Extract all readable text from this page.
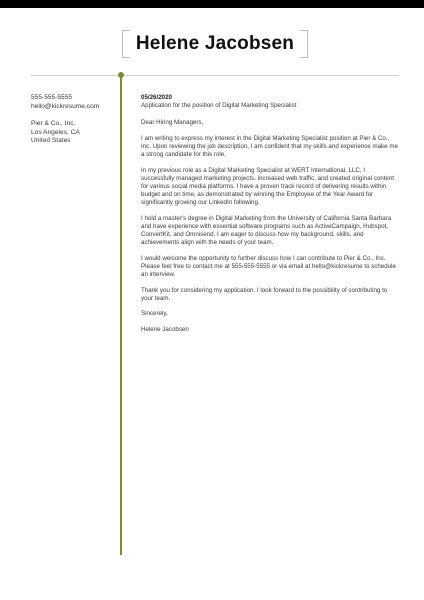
Helene Jacobsen
555-555-5555
hello@kickresume.com
Pier & Co., Inc.
Los Angeles, CA
United States
05/26/2020
Application for the position of Digital Marketing Specialist

Dear Hiring Managers,

I am writing to express my interest in the Digital Marketing Specialist position at Pier & Co., Inc. Upon reviewing the job description, I am confident that my skills and experience make me a strong candidate for this role.

In my previous role as a Digital Marketing Specialist at WERT International, LLC, I successfully managed marketing projects, increased web traffic, and created original content for various social media platforms. I have a proven track record of delivering results within budget and on time, as demonstrated by winning the Employee of the Year Award for significantly growing our LinkedIn following.

I hold a master's degree in Digital Marketing from the University of California Santa Barbara and have experience with essential software programs such as ActiveCampaign, Hubspot, ConvertKit, and Omnisend. I am eager to discuss how my background, skills, and achievements align with the needs of your team.

I would welcome the opportunity to further discuss how I can contribute to Pier & Co., Inc. Please feel free to contact me at 555-555-5555 or via email at hello@kickresume to schedule an interview.

Thank you for considering my application. I look forward to the possibility of contributing to your team.

Sincerely,

Helene Jacobsen
